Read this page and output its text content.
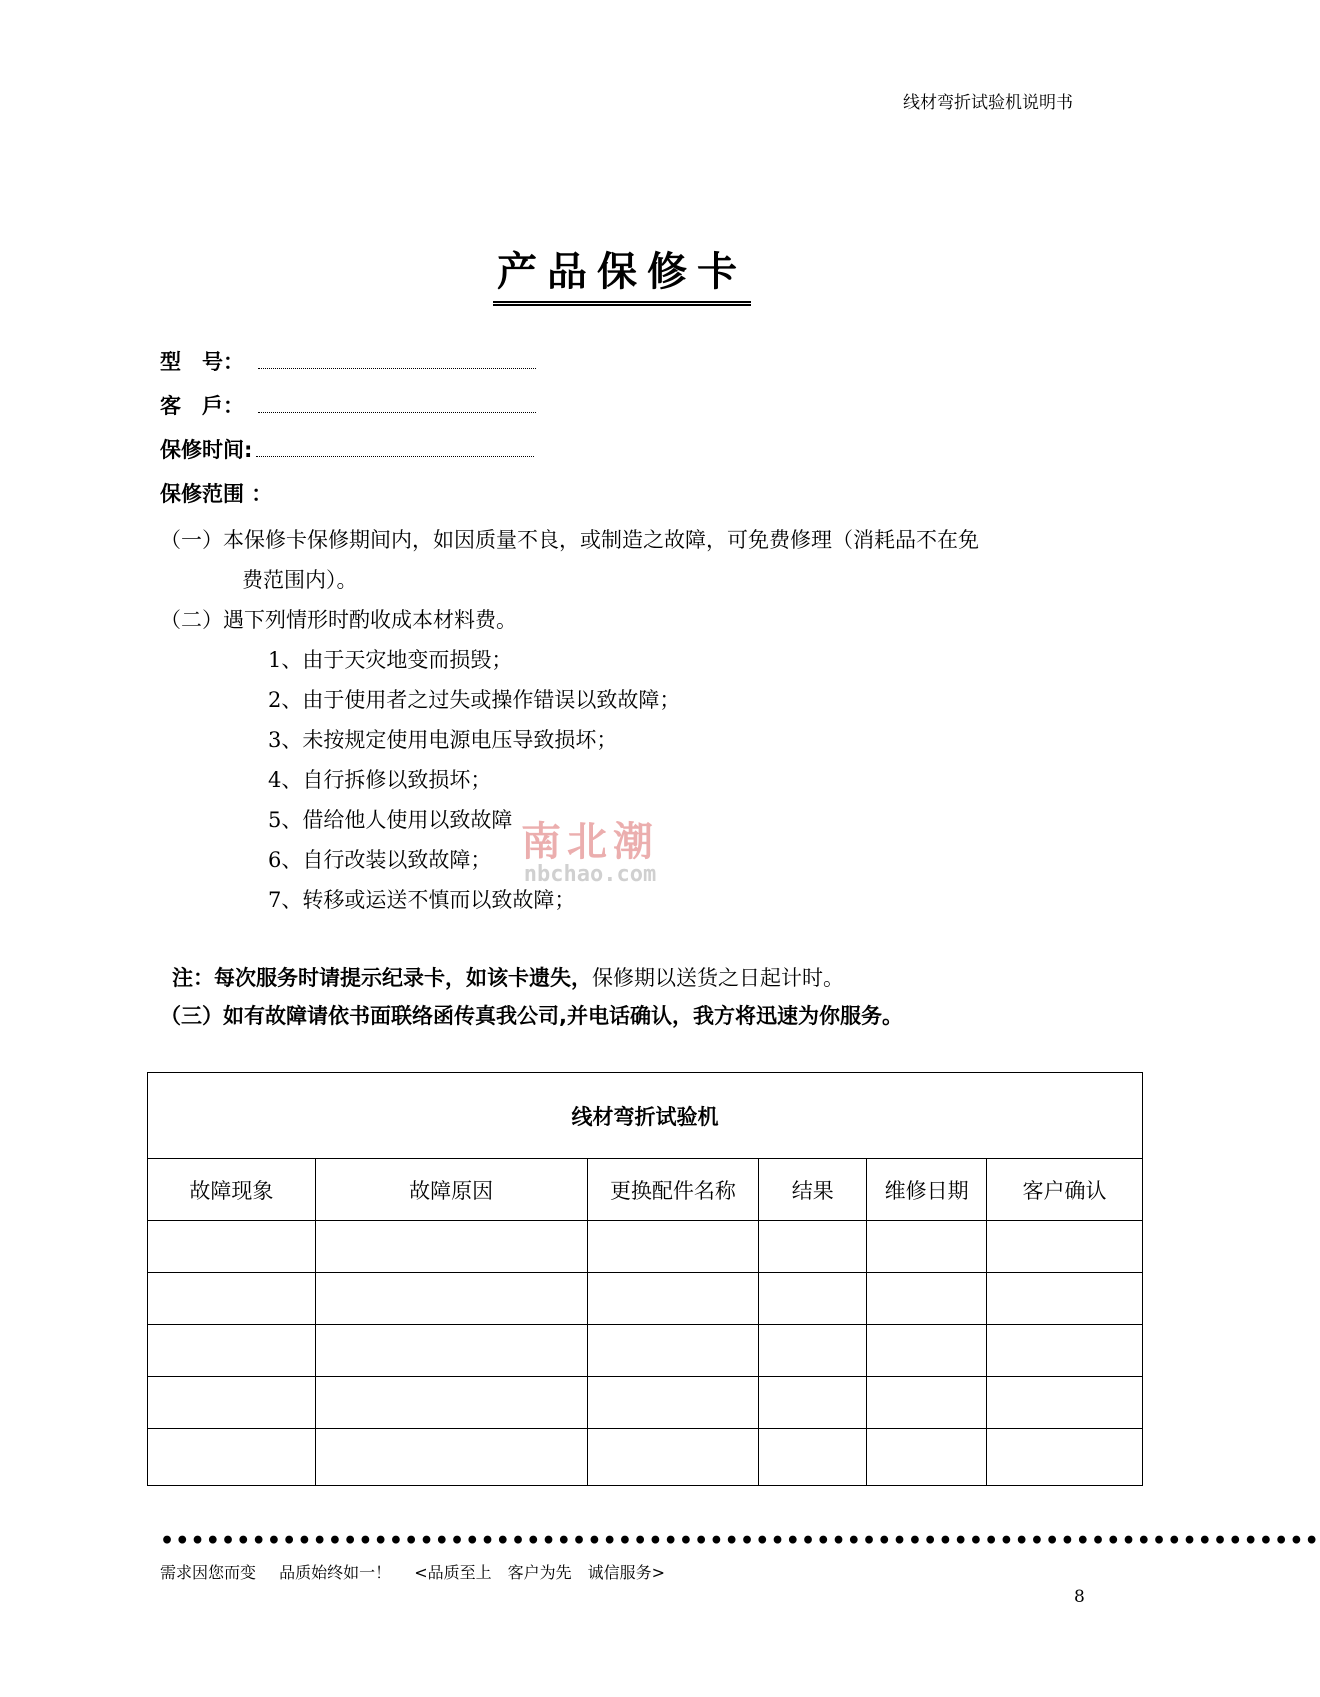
线材弯折试验机说明书
产品保修卡
型　号：
客　戶：
保修时间:
保修范围 ：
（一）本保修卡保修期间内，如因质量不良，或制造之故障，可免费修理（消耗品不在免
费范围内）。
（二）遇下列情形时酌收成本材料费。
1、由于天灾地变而损毁；
2、由于使用者之过失或操作错误以致故障；
3、未按规定使用电源电压导致损坏；
4、自行拆修以致损坏；
5、借给他人使用以致故障
6、自行改装以致故障；
7、转移或运送不慎而以致故障；
南北潮
nbchao.com
注：每次服务时请提示纪录卡，如该卡遗失，保修期以送货之日起计时。
（三）如有故障请依书面联络函传真我公司,并电话确认，我方将迅速为你服务。
线材弯折试验机					
故障现象	故障原因	更换配件名称	结果	维修日期	客户确认

••••••••••••••••••••••••••••••••••••••••••••••••••••••••••••••••••••••••••••
需求因您而变 品质始终如一！ <品质至上　客户为先　诚信服务>
8
